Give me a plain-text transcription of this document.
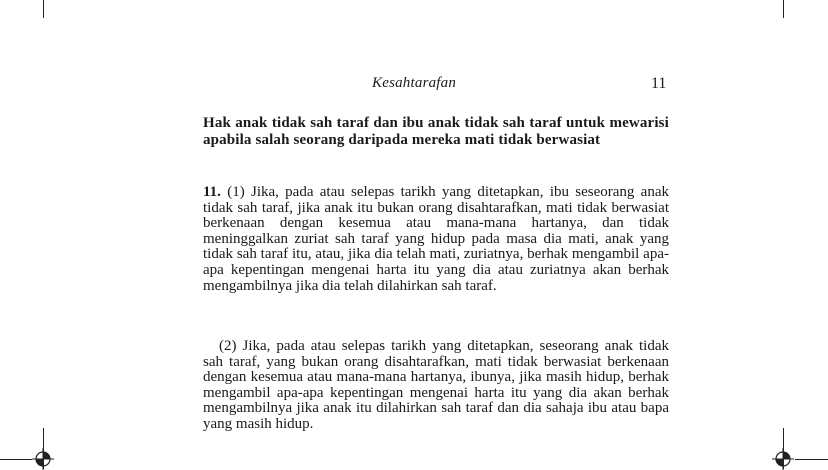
Kesahtarafan	11
Hak anak tidak sah taraf dan ibu anak tidak sah taraf untuk mewarisi apabila salah seorang daripada mereka mati tidak berwasiat
11. (1) Jika, pada atau selepas tarikh yang ditetapkan, ibu seseorang anak tidak sah taraf, jika anak itu bukan orang disahtarafkan, mati tidak berwasiat berkenaan dengan kesemua atau mana-mana hartanya, dan tidak meninggalkan zuriat sah taraf yang hidup pada masa dia mati, anak yang tidak sah taraf itu, atau, jika dia telah mati, zuriatnya, berhak mengambil apa-apa kepentingan mengenai harta itu yang dia atau zuriatnya akan berhak mengambilnya jika dia telah dilahirkan sah taraf.
(2) Jika, pada atau selepas tarikh yang ditetapkan, seseorang anak tidak sah taraf, yang bukan orang disahtarafkan, mati tidak berwasiat berkenaan dengan kesemua atau mana-mana hartanya, ibunya, jika masih hidup, berhak mengambil apa-apa kepentingan mengenai harta itu yang dia akan berhak mengambilnya jika anak itu dilahirkan sah taraf dan dia sahaja ibu atau bapa yang masih hidup.
